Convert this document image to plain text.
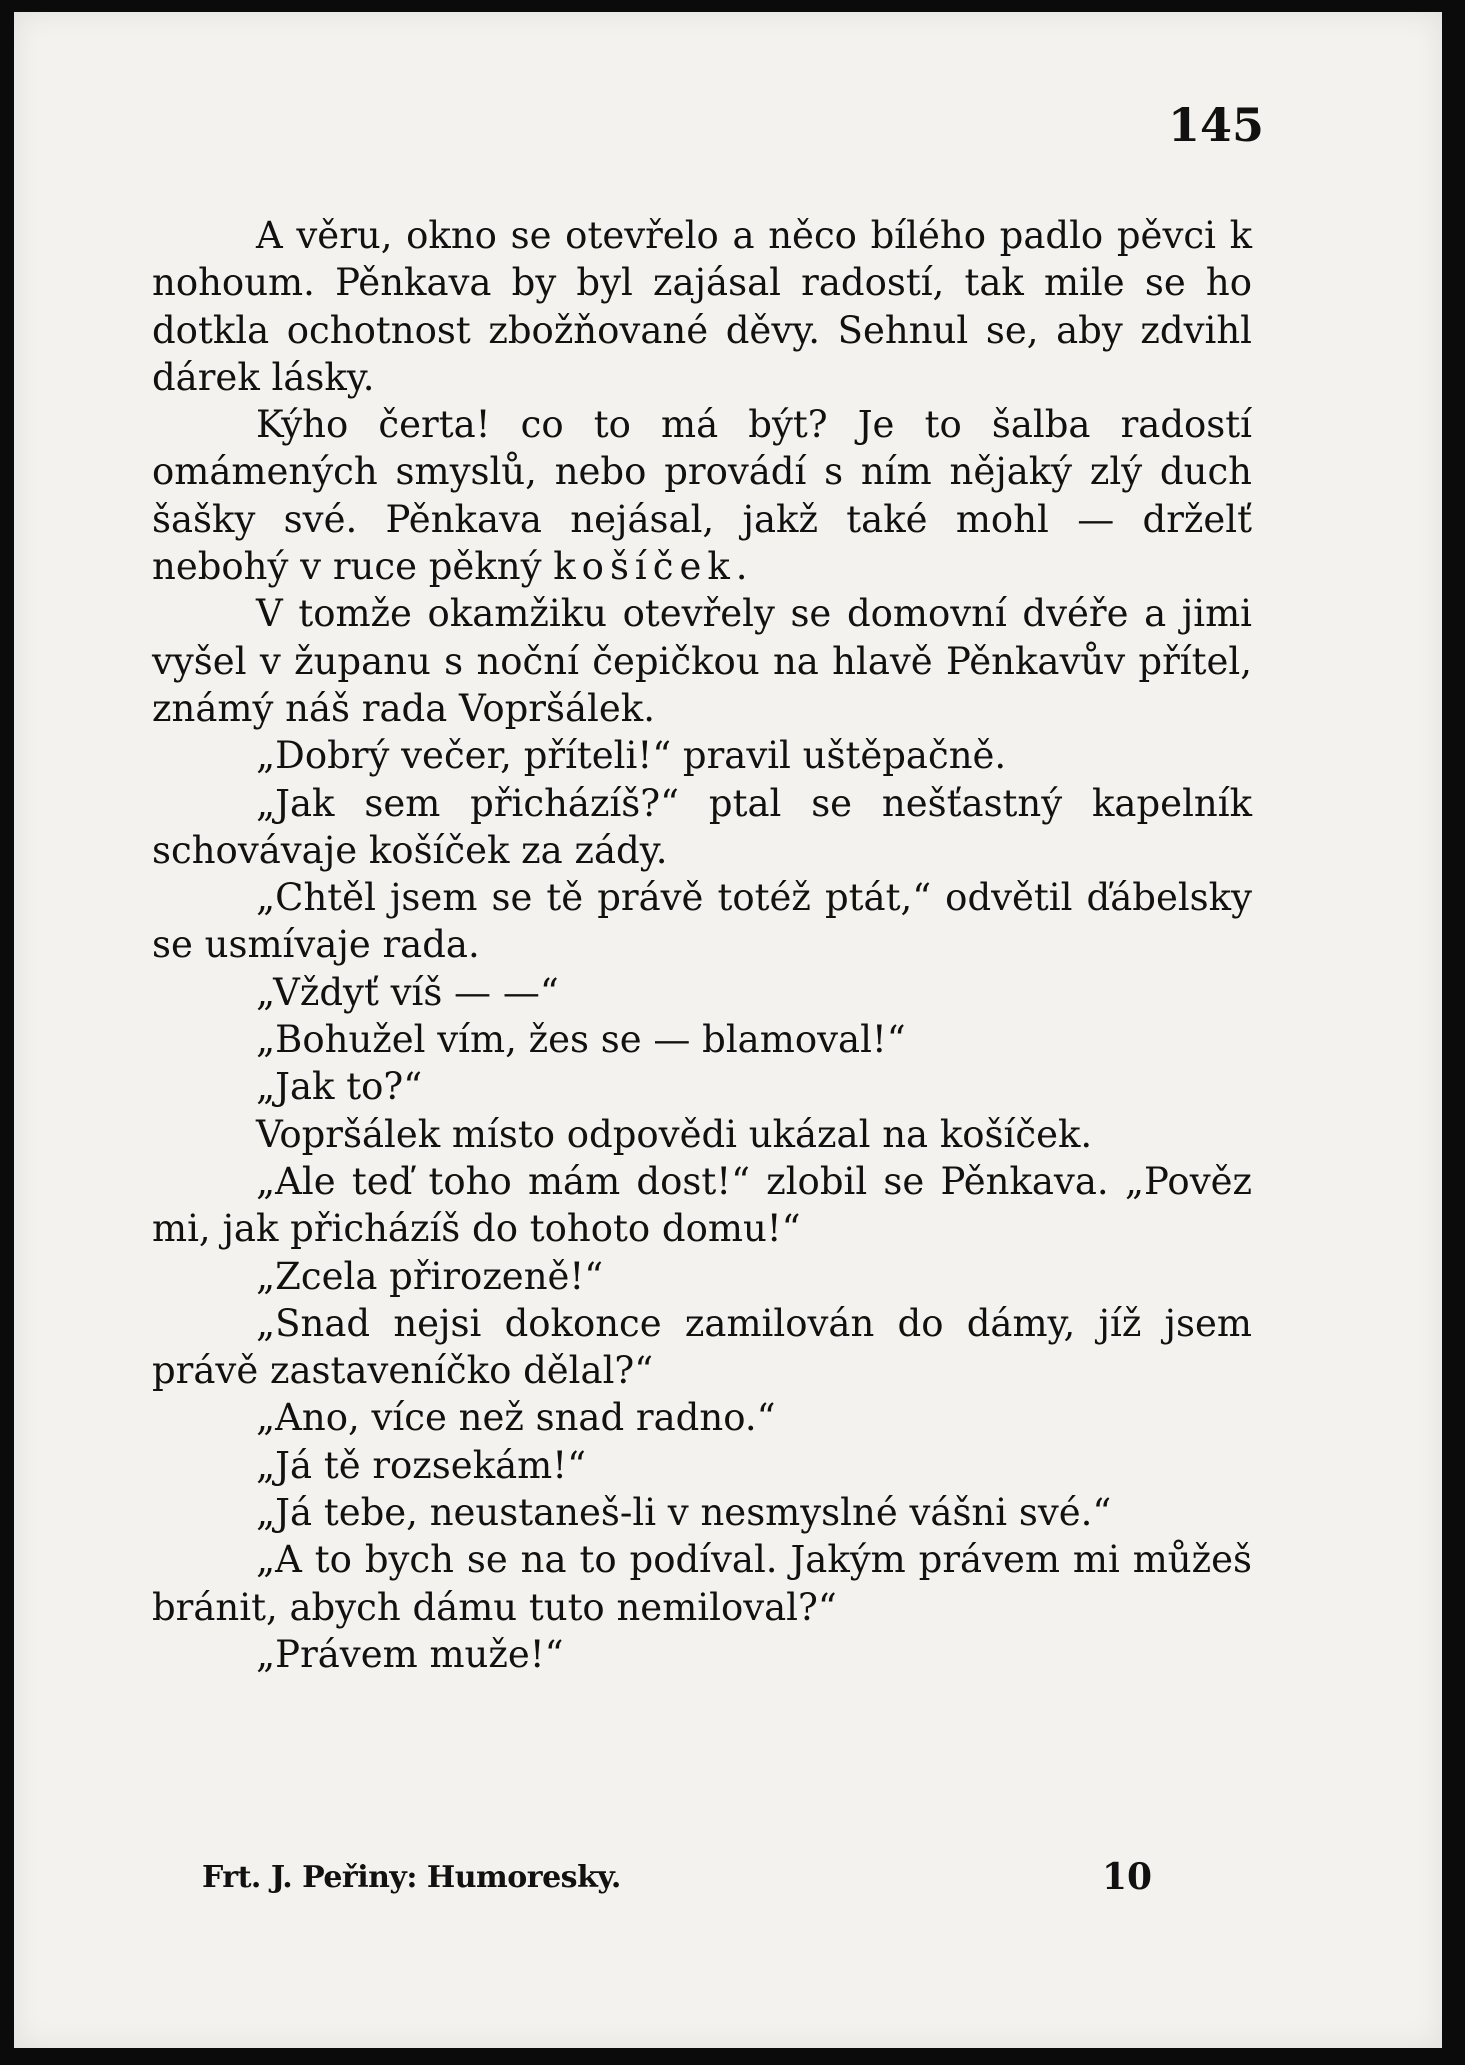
145

A věru, okno se otevřelo a něco bílého padlo pěvci k nohoum. Pěnkava by byl zajásal radostí, tak mile se ho dotkla ochotnost zbožňované děvy. Sehnul se, aby zdvihl dárek lásky.

Kýho čerta! co to má být? Je to šalba radostí omámených smyslů, nebo provádí s ním nějaký zlý duch šašky své. Pěnkava nejásal, jakž také mohl — drželť nebohý v ruce pěkný košíček.

V tomže okamžiku otevřely se domovní dvéře a jimi vyšel v županu s noční čepičkou na hlavě Pěnkavův přítel, známý náš rada Vopršálek.

„Dobrý večer, příteli!“ pravil uštěpačně.

„Jak sem přicházíš?“ ptal se nešťastný kapelník schovávaje košíček za zády.

„Chtěl jsem se tě právě totéž ptát,“ odvětil ďábelsky se usmívaje rada.

„Vždyť víš — —“

„Bohužel vím, žes se — blamoval!“

„Jak to?“

Vopršálek místo odpovědi ukázal na košíček.

„Ale teď toho mám dost!“ zlobil se Pěnkava. „Pověz mi, jak přicházíš do tohoto domu!“

„Zcela přirozeně!“

„Snad nejsi dokonce zamilován do dámy, jíž jsem právě zastaveníčko dělal?“

„Ano, více než snad radno.“

„Já tě rozsekám!“

„Já tebe, neustaneš-li v nesmyslné vášni své.“

„A to bych se na to podíval. Jakým právem mi můžeš bránit, abych dámu tuto nemiloval?“

„Právem muže!“

Frt. J. Peřiny: Humoresky.	10
